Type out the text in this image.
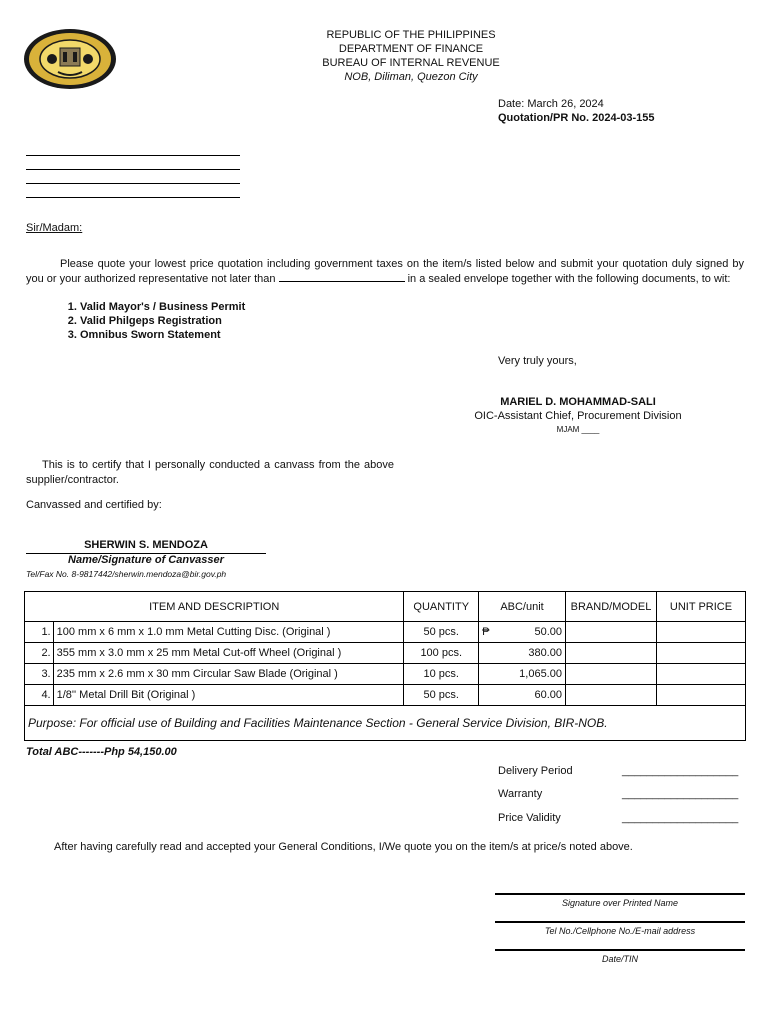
REPUBLIC OF THE PHILIPPINES
DEPARTMENT OF FINANCE
BUREAU OF INTERNAL REVENUE
NOB, Diliman, Quezon City
Date: March 26, 2024
Quotation/PR No. 2024-03-155
Sir/Madam:
Please quote your lowest price quotation including government taxes on the item/s listed below and submit your quotation duly signed by you or your authorized representative not later than	in a sealed envelope together with the following documents, to wit:
1. Valid Mayor's / Business Permit
2. Valid Philgeps Registration
3. Omnibus Sworn Statement
Very truly yours,
MARIEL D. MOHAMMAD-SALI
OIC-Assistant Chief, Procurement Division
MJAM ____
This is to certify that I personally conducted a canvass from the above supplier/contractor.
Canvassed and certified by:
SHERWIN S. MENDOZA
Name/Signature of Canvasser
Tel/Fax No. 8-9817442/sherwin.mendoza@bir.gov.ph
ITEM AND DESCRIPTION		QUANTITY	ABC/unit	BRAND/MODEL	UNIT PRICE
1.	100 mm x 6 mm x 1.0 mm Metal Cutting Disc. (Original )	50 pcs.	₱ 50.00		
2.	355 mm x 3.0 mm x 25 mm Metal Cut-off Wheel (Original )	100 pcs.	380.00		
3.	235 mm x 2.6 mm x 30 mm Circular Saw Blade (Original )	10 pcs.	1,065.00		
4.	1/8'' Metal Drill Bit (Original )	50 pcs.	60.00		
Purpose: For official use of Building and Facilities Maintenance Section - General Service Division, BIR-NOB.					
Total ABC-------Php 54,150.00
Delivery Period	___________________
Warranty	___________________
Price Validity	___________________
After having carefully read and accepted your General Conditions, I/We quote you on the item/s at price/s noted above.
Signature over Printed Name
Tel No./Cellphone No./E-mail address
Date/TIN
